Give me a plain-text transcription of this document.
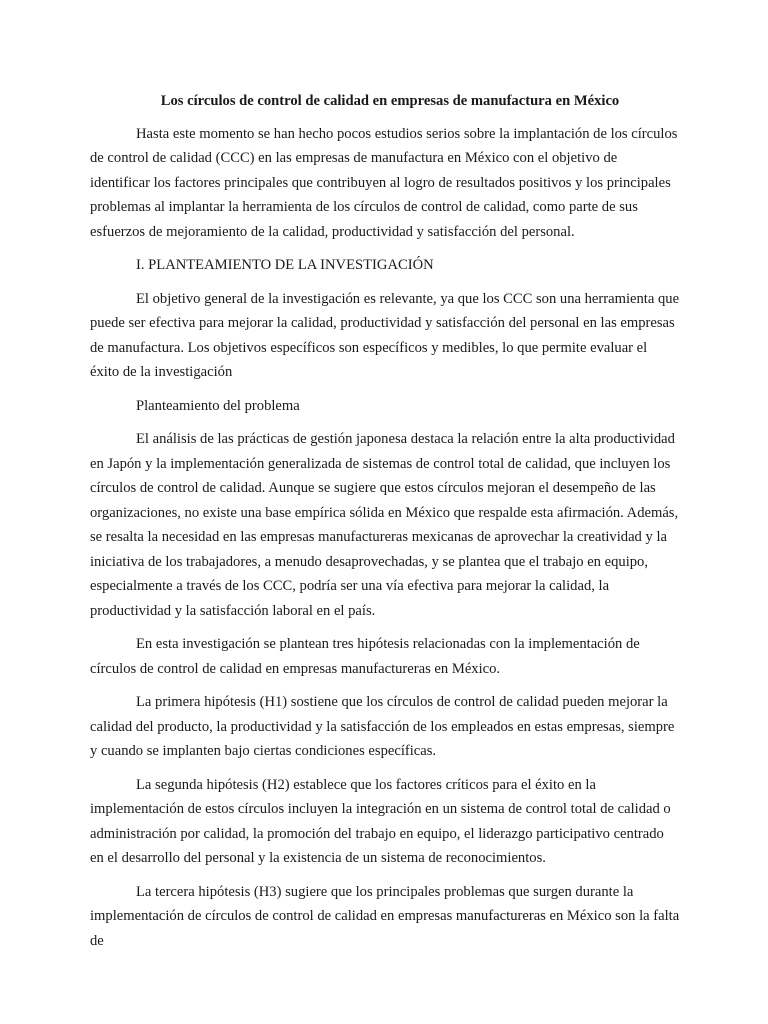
Los círculos de control de calidad en empresas de manufactura en México

Hasta este momento se han hecho pocos estudios serios sobre la implantación de los círculos de control de calidad (CCC) en las empresas de manufactura en México con el objetivo de identificar los factores principales que contribuyen al logro de resultados positivos y los principales problemas al implantar la herramienta de los círculos de control de calidad, como parte de sus esfuerzos de mejoramiento de la calidad, productividad y satisfacción del personal.

I. PLANTEAMIENTO DE LA INVESTIGACIÓN

El objetivo general de la investigación es relevante, ya que los CCC son una herramienta que puede ser efectiva para mejorar la calidad, productividad y satisfacción del personal en las empresas de manufactura. Los objetivos específicos son específicos y medibles, lo que permite evaluar el éxito de la investigación

Planteamiento del problema

El análisis de las prácticas de gestión japonesa destaca la relación entre la alta productividad en Japón y la implementación generalizada de sistemas de control total de calidad, que incluyen los círculos de control de calidad. Aunque se sugiere que estos círculos mejoran el desempeño de las organizaciones, no existe una base empírica sólida en México que respalde esta afirmación. Además, se resalta la necesidad en las empresas manufactureras mexicanas de aprovechar la creatividad y la iniciativa de los trabajadores, a menudo desaprovechadas, y se plantea que el trabajo en equipo, especialmente a través de los CCC, podría ser una vía efectiva para mejorar la calidad, la productividad y la satisfacción laboral en el país.

En esta investigación se plantean tres hipótesis relacionadas con la implementación de círculos de control de calidad en empresas manufactureras en México.

La primera hipótesis (H1) sostiene que los círculos de control de calidad pueden mejorar la calidad del producto, la productividad y la satisfacción de los empleados en estas empresas, siempre y cuando se implanten bajo ciertas condiciones específicas.

La segunda hipótesis (H2) establece que los factores críticos para el éxito en la implementación de estos círculos incluyen la integración en un sistema de control total de calidad o administración por calidad, la promoción del trabajo en equipo, el liderazgo participativo centrado en el desarrollo del personal y la existencia de un sistema de reconocimientos.

La tercera hipótesis (H3) sugiere que los principales problemas que surgen durante la implementación de círculos de control de calidad en empresas manufactureras en México son la falta de
